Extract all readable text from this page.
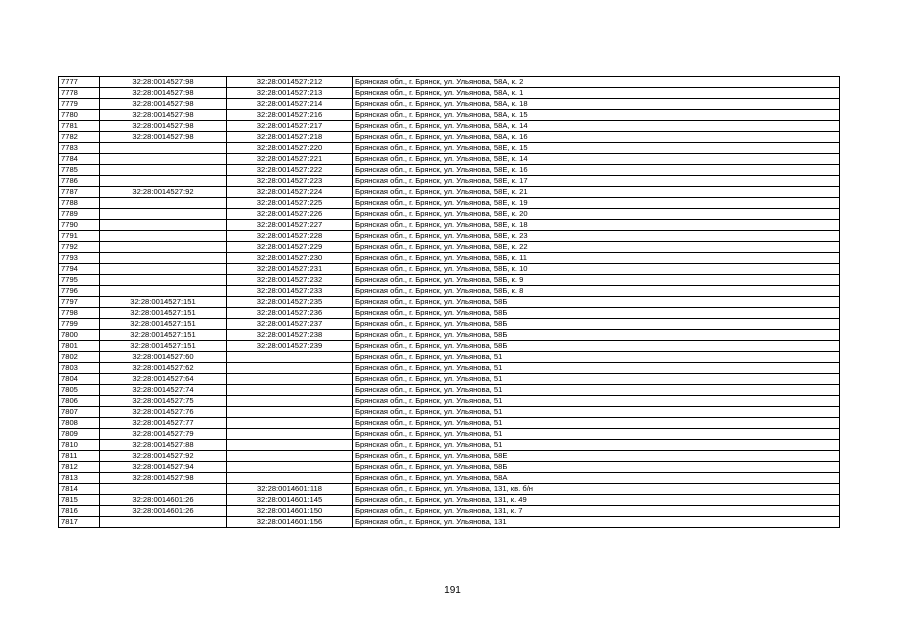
7777	32:28:0014527:98	32:28:0014527:212	Брянская обл., г. Брянск, ул. Ульянова, 58А, к. 2
7778	32:28:0014527:98	32:28:0014527:213	Брянская обл., г. Брянск, ул. Ульянова, 58А, к. 1
7779	32:28:0014527:98	32:28:0014527:214	Брянская обл., г. Брянск, ул. Ульянова, 58А, к. 18
7780	32:28:0014527:98	32:28:0014527:216	Брянская обл., г. Брянск, ул. Ульянова, 58А, к. 15
7781	32:28:0014527:98	32:28:0014527:217	Брянская обл., г. Брянск, ул. Ульянова, 58А, к. 14
7782	32:28:0014527:98	32:28:0014527:218	Брянская обл., г. Брянск, ул. Ульянова, 58А, к. 16
7783		32:28:0014527:220	Брянская обл., г. Брянск, ул. Ульянова, 58Е, к. 15
7784		32:28:0014527:221	Брянская обл., г. Брянск, ул. Ульянова, 58Е, к. 14
7785		32:28:0014527:222	Брянская обл., г. Брянск, ул. Ульянова, 58Е, к. 16
7786		32:28:0014527:223	Брянская обл., г. Брянск, ул. Ульянова, 58Е, к. 17
7787	32:28:0014527:92	32:28:0014527:224	Брянская обл., г. Брянск, ул. Ульянова, 58Е, к. 21
7788		32:28:0014527:225	Брянская обл., г. Брянск, ул. Ульянова, 58Е, к. 19
7789		32:28:0014527:226	Брянская обл., г. Брянск, ул. Ульянова, 58Е, к. 20
7790		32:28:0014527:227	Брянская обл., г. Брянск, ул. Ульянова, 58Е, к. 18
7791		32:28:0014527:228	Брянская обл., г. Брянск, ул. Ульянова, 58Е, к. 23
7792		32:28:0014527:229	Брянская обл., г. Брянск, ул. Ульянова, 58Е, к. 22
7793		32:28:0014527:230	Брянская обл., г. Брянск, ул. Ульянова, 58Б, к. 11
7794		32:28:0014527:231	Брянская обл., г. Брянск, ул. Ульянова, 58Б, к. 10
7795		32:28:0014527:232	Брянская обл., г. Брянск, ул. Ульянова, 58Б, к. 9
7796		32:28:0014527:233	Брянская обл., г. Брянск, ул. Ульянова, 58Б, к. 8
7797	32:28:0014527:151	32:28:0014527:235	Брянская обл., г. Брянск, ул. Ульянова, 58Б
7798	32:28:0014527:151	32:28:0014527:236	Брянская обл., г. Брянск, ул. Ульянова, 58Б
7799	32:28:0014527:151	32:28:0014527:237	Брянская обл., г. Брянск, ул. Ульянова, 58Б
7800	32:28:0014527:151	32:28:0014527:238	Брянская обл., г. Брянск, ул. Ульянова, 58Б
7801	32:28:0014527:151	32:28:0014527:239	Брянская обл., г. Брянск, ул. Ульянова, 58Б
7802	32:28:0014527:60		Брянская обл., г. Брянск, ул. Ульянова, 51
7803	32:28:0014527:62		Брянская обл., г. Брянск, ул. Ульянова, 51
7804	32:28:0014527:64		Брянская обл., г. Брянск, ул. Ульянова, 51
7805	32:28:0014527:74		Брянская обл., г. Брянск, ул. Ульянова, 51
7806	32:28:0014527:75		Брянская обл., г. Брянск, ул. Ульянова, 51
7807	32:28:0014527:76		Брянская обл., г. Брянск, ул. Ульянова, 51
7808	32:28:0014527:77		Брянская обл., г. Брянск, ул. Ульянова, 51
7809	32:28:0014527:79		Брянская обл., г. Брянск, ул. Ульянова, 51
7810	32:28:0014527:88		Брянская обл., г. Брянск, ул. Ульянова, 51
7811	32:28:0014527:92		Брянская обл., г. Брянск, ул. Ульянова, 58Е
7812	32:28:0014527:94		Брянская обл., г. Брянск, ул. Ульянова, 58Б
7813	32:28:0014527:98		Брянская обл., г. Брянск, ул. Ульянова, 58А
7814		32:28:0014601:118	Брянская обл., г. Брянск, ул. Ульянова, 131, кв. б/н
7815	32:28:0014601:26	32:28:0014601:145	Брянская обл., г. Брянск, ул. Ульянова, 131, к. 49
7816	32:28:0014601:26	32:28:0014601:150	Брянская обл., г. Брянск, ул. Ульянова, 131, к. 7
7817		32:28:0014601:156	Брянская обл., г. Брянск, ул. Ульянова, 131
191
